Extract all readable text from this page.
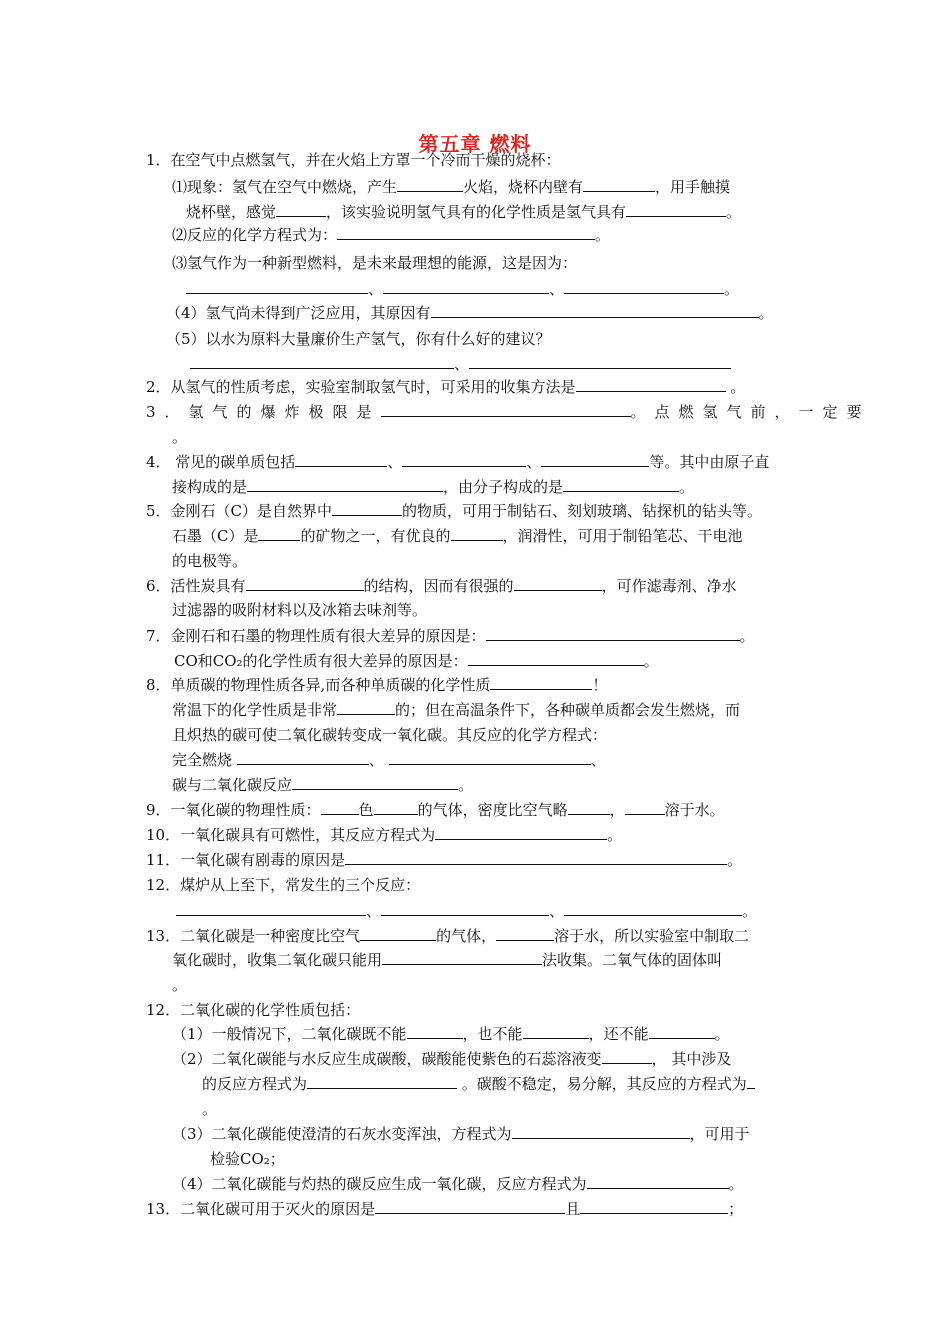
第五章 燃料
1．在空气中点燃氢气，并在火焰上方罩一个冷而干燥的烧杯：
⑴现象：氢气在空气中燃烧，产生	火焰，烧杯内壁有	，用手触摸
烧杯壁，感觉	，该实验说明氢气具有的化学性质是氢气具有	。
⑵反应的化学方程式为：	。
⑶氢气作为一种新型燃料，是未来最理想的能源，这是因为：
、	、	。
（4）氢气尚未得到广泛应用，其原因有	。
（5）以水为原料大量廉价生产氢气，你有什么好的建议？
、
2．从氢气的性质考虑，实验室制取氢气时，可采用的收集方法是	。
3．氢气的爆炸极限是	。点燃氢气前，一定要
。
4． 常见的碳单质包括	、	、	等。其中由原子直
接构成的是	，由分子构成的是	。
5．金刚石（C）是自然界中	的物质，可用于制钻石、刻划玻璃、钻探机的钻头等。
石墨（C）是	的矿物之一，有优良的	，润滑性，可用于制铅笔芯、干电池
的电极等。
6．活性炭具有	的结构，因而有很强的	，可作滤毒剂、净水
过滤器的吸附材料以及冰箱去味剂等。
7．金刚石和石墨的物理性质有很大差异的原因是：	。
CO和CO₂的化学性质有很大差异的原因是：	。
8．单质碳的物理性质各异,而各种单质碳的化学性质	！
常温下的化学性质是非常	的；但在高温条件下，各种碳单质都会发生燃烧，而
且炽热的碳可使二氧化碳转变成一氧化碳。其反应的化学方程式：
完全燃烧	、	、
碳与二氧化碳反应	。
9．一氧化碳的物理性质：	色	的气体，密度比空气略	，	溶于水。
10．一氧化碳具有可燃性，其反应方程式为	。
11．一氧化碳有剧毒的原因是	。
12．煤炉从上至下，常发生的三个反应：
、	、	。
13．二氧化碳是一种密度比空气	的气体，	溶于水，所以实验室中制取二
氧化碳时，收集二氧化碳只能用	法收集。二氧气体的固体叫
。
12．二氧化碳的化学性质包括：
（1）一般情况下，二氧化碳既不能	，也不能	，还不能	。
（2）二氧化碳能与水反应生成碳酸，碳酸能使紫色的石蕊溶液变	， 其中涉及
的反应方程式为	。碳酸不稳定，易分解，其反应的方程式为
。
（3）二氧化碳能使澄清的石灰水变浑浊，方程式为	，可用于
检验CO₂；
（4）二氧化碳能与灼热的碳反应生成一氧化碳，反应方程式为	。
13．二氧化碳可用于灭火的原因是	且	；
